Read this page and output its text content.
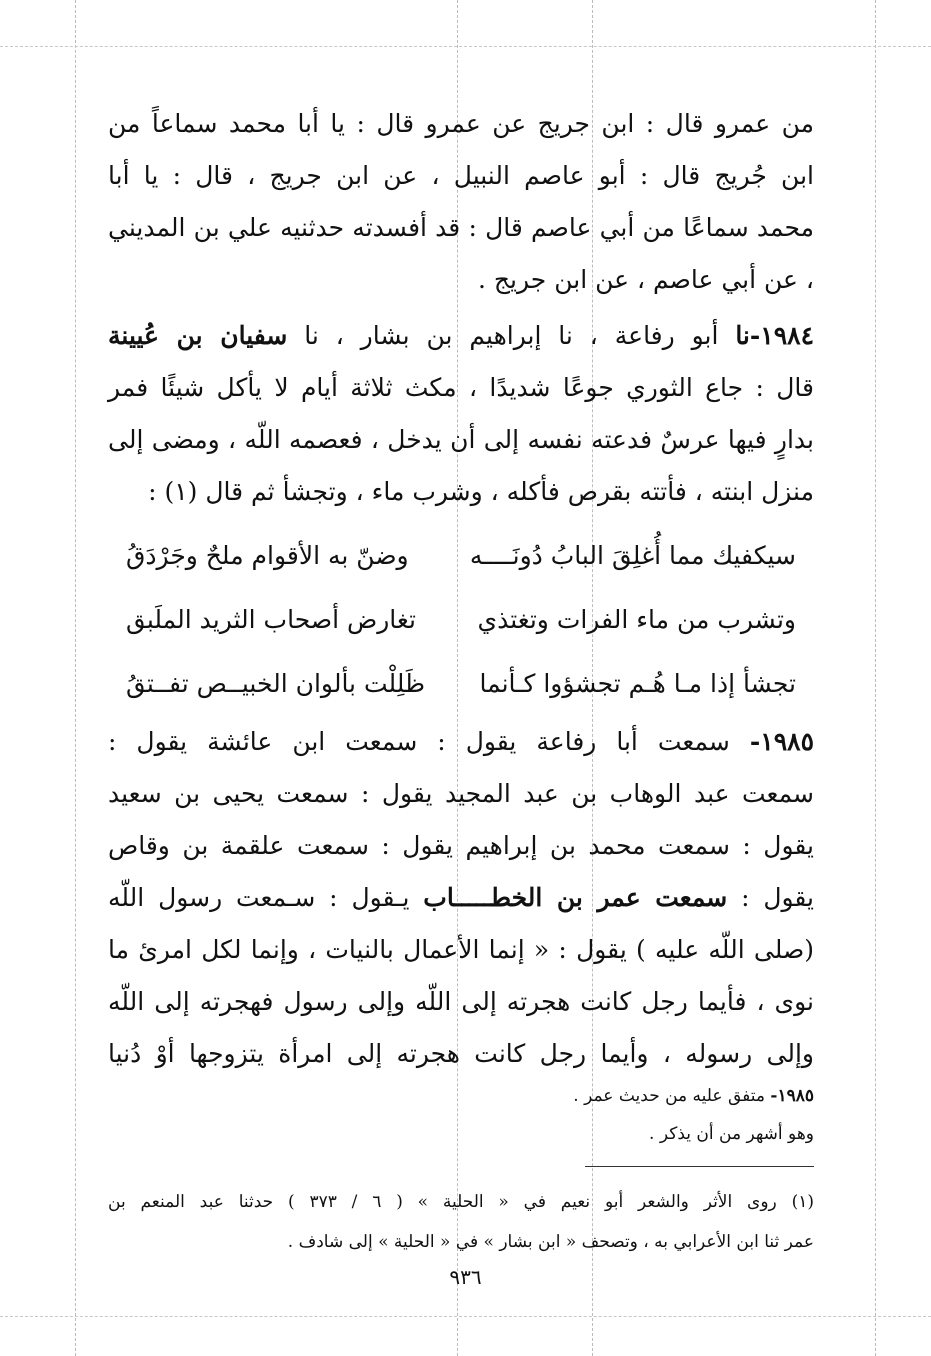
من عمرو قال : ابن جريج عن عمرو قال : يا أبا محمد سماعاً من
ابن جُريج قال : أبو عاصم النبيل ، عن ابن جريج ، قال : يا أبا
محمد سماعًا من أبي عاصم قال : قد أفسدته حدثنيه علي بن المديني
، عن أبي عاصم ، عن ابن جريج .

١٩٨٤-نا أبو رفاعة ، نا إبراهيم بن بشار ، نا سفيان بن عُيينة
قال : جاع الثوري جوعًا شديدًا ، مكث ثلاثة أيام لا يأكل شيئًا فمر
بدارٍ فيها عرسٌ فدعته نفسه إلى أن يدخل ، فعصمه اللّه ، ومضى إلى
منزل ابنته ، فأتته بقرص فأكله ، وشرب ماء ، وتجشأ ثم قال (١) :

سيكفيك مما أُغلِقَ البابُ دُونَــــه
وضنّ به الأقوام ملحٌ وجَرْدَقُ
وتشرب من ماء الفرات وتغتذي
تغارض أصحاب الثريد الملَبق
تجشأ إذا مـا هُـم تجشؤوا كـأنما
ظَلِلْت بألوان الخبيــص تفــتقُ

١٩٨٥- سمعت أبا رفاعة يقول : سمعت ابن عائشة يقول :
سمعت عبد الوهاب بن عبد المجيد يقول : سمعت يحيى بن سعيد
يقول : سمعت محمد بن إبراهيم يقول : سمعت علقمة بن وقاص
يقول : سمعت عمر بن الخطـــــاب يـقول : سـمعت رسول اللّه
(صلى اللّه عليه ) يقول : « إنما الأعمال بالنيات ، وإنما لكل امرئ ما
نوى ، فأيما رجل كانت هجرته إلى اللّه وإلى رسول فهجرته إلى اللّه
وإلى رسوله ، وأيما رجل كانت هجرته إلى امرأة يتزوجها أوْ دُنيا

١٩٨٥- متفق عليه من حديث عمر .
وهو أشهر من أن يذكر .
(١) روى الأثر والشعر أبو نعيم في « الحلية » ( ٦ / ٣٧٣ ) حدثنا عبد المنعم بن
عمر ثنا ابن الأعرابي به ، وتصحف « ابن بشار » في « الحلية » إلى شادف .
٩٣٦
